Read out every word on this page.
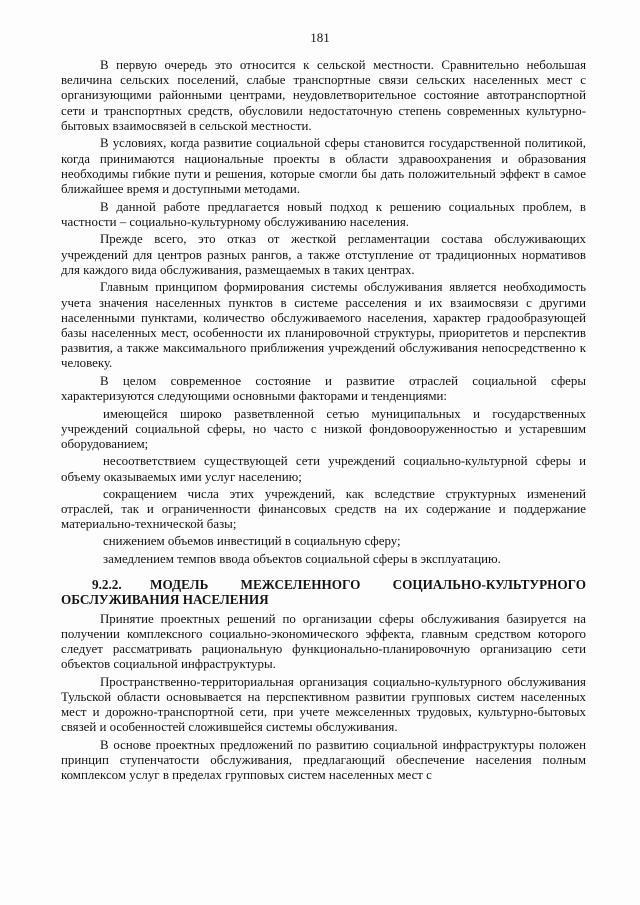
181

В первую очередь это относится к сельской местности. Сравнительно небольшая величина сельских поселений, слабые транспортные связи сельских населенных мест с организующими районными центрами, неудовлетворительное состояние автотранспортной сети и транспортных средств, обусловили недостаточную степень современных культурно-бытовых взаимосвязей в сельской местности.

В условиях, когда развитие социальной сферы становится государственной политикой, когда принимаются национальные проекты в области здравоохранения и образования необходимы гибкие пути и решения, которые смогли бы дать положительный эффект в самое ближайшее время и доступными методами.

В данной работе предлагается новый подход к решению социальных проблем, в частности – социально-культурному обслуживанию населения.

Прежде всего, это отказ от жесткой регламентации состава обслуживающих учреждений для центров разных рангов, а также отступление от традиционных нормативов для каждого вида обслуживания, размещаемых в таких центрах.

Главным принципом формирования системы обслуживания является необходимость учета значения населенных пунктов в системе расселения и их взаимосвязи с другими населенными пунктами, количество обслуживаемого населения, характер градообразующей базы населенных мест, особенности их планировочной структуры, приоритетов и перспектив развития, а также максимального приближения учреждений обслуживания непосредственно к человеку.

В целом современное состояние и развитие отраслей социальной сферы характеризуются следующими основными факторами и тенденциями:

имеющейся широко разветвленной сетью муниципальных и государственных учреждений социальной сферы, но часто с низкой фондовооруженностью и устаревшим оборудованием;

несоответствием существующей сети учреждений социально-культурной сферы и объему оказываемых ими услуг населению;

сокращением числа этих учреждений, как вследствие структурных изменений отраслей, так и ограниченности финансовых средств на их содержание и поддержание материально-технической базы;

снижением объемов инвестиций в социальную сферу;

замедлением темпов ввода объектов социальной сферы в эксплуатацию.

9.2.2. МОДЕЛЬ МЕЖСЕЛЕННОГО СОЦИАЛЬНО-КУЛЬТУРНОГО ОБСЛУЖИВАНИЯ НАСЕЛЕНИЯ

Принятие проектных решений по организации сферы обслуживания базируется на получении комплексного социально-экономического эффекта, главным средством которого следует рассматривать рациональную функционально-планировочную организацию сети объектов социальной инфраструктуры.

Пространственно-территориальная организация социально-культурного обслуживания Тульской области основывается на перспективном развитии групповых систем населенных мест и дорожно-транспортной сети, при учете межселенных трудовых, культурно-бытовых связей и особенностей сложившейся системы обслуживания.

В основе проектных предложений по развитию социальной инфраструктуры положен принцип ступенчатости обслуживания, предлагающий обеспечение населения полным комплексом услуг в пределах групповых систем населенных мест с
